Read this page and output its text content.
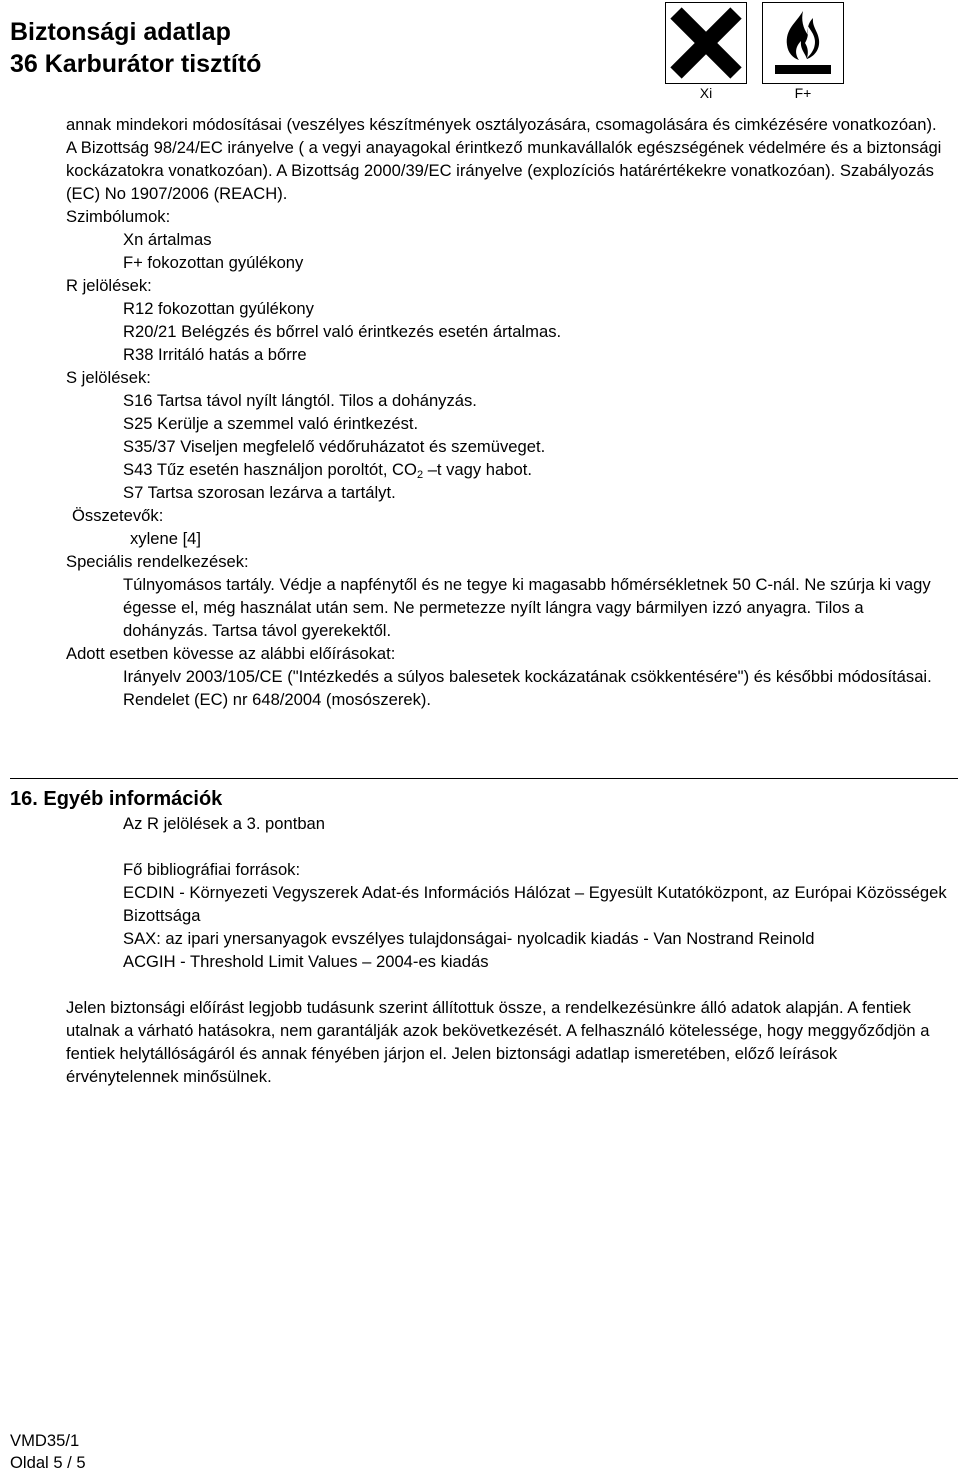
Biztonsági adatlap
36 Karburátor tisztító
Xi	F+

annak mindekori módosításai (veszélyes készítmények osztályozására, csomagolására és cimkézésére vonatkozóan). A Bizottság 98/24/EC irányelve ( a vegyi anayagokal érintkező munkavállalók egészségének védelmére és a biztonsági kockázatokra vonatkozóan). A Bizottság 2000/39/EC irányelve (explozíciós határértékekre vonatkozóan). Szabályozás (EC) No 1907/2006 (REACH).

Szimbólumok:

Xn ártalmas

F+ fokozottan gyúlékony

R jelölések:

R12 fokozottan gyúlékony

R20/21 Belégzés és bőrrel való érintkezés esetén ártalmas.

R38 Irritáló hatás a bőrre

S jelölések:

S16 Tartsa távol nyílt lángtól. Tilos a dohányzás.

S25 Kerülje a szemmel való érintkezést.

S35/37 Viseljen megfelelő védőruházatot és szemüveget.

S43 Tűz esetén használjon poroltót, $CO_2$ –t vagy habot.

S7 Tartsa szorosan lezárva a tartályt.

Összetevők:

xylene [4]

Speciális rendelkezések:

Túlnyomásos tartály. Védje a napfénytől és ne tegye ki magasabb hőmérsékletnek 50 C-nál. Ne szúrja ki vagy égesse el, még használat után sem. Ne permetezze nyílt lángra vagy bármilyen izzó anyagra. Tilos a dohányzás. Tartsa távol gyerekektől.

Adott esetben kövesse az alábbi előírásokat:

Irányelv 2003/105/CE ("Intézkedés a súlyos balesetek kockázatának csökkentésére") és későbbi módosításai.

Rendelet (EC) nr 648/2004 (mosószerek).

16. Egyéb információk

Az R jelölések a 3. pontban

Fő bibliográfiai források:

ECDIN - Környezeti Vegyszerek Adat-és Információs Hálózat – Egyesült Kutatóközpont, az Európai Közösségek Bizottsága

SAX: az ipari ynersanyagok evszélyes tulajdonságai- nyolcadik kiadás - Van Nostrand Reinold

ACGIH - Threshold Limit Values – 2004-es kiadás

Jelen biztonsági előírást legjobb tudásunk szerint állítottuk össze, a rendelkezésünkre álló adatok alapján. A fentiek utalnak a várható hatásokra, nem garantálják azok bekövetkezését. A felhasználó kötelessége, hogy meggyőződjön a fentiek helytállóságáról és annak fényében járjon el. Jelen biztonsági adatlap ismeretében, előző leírások érvénytelennek minősülnek.

VMD35/1

Oldal 5 / 5
